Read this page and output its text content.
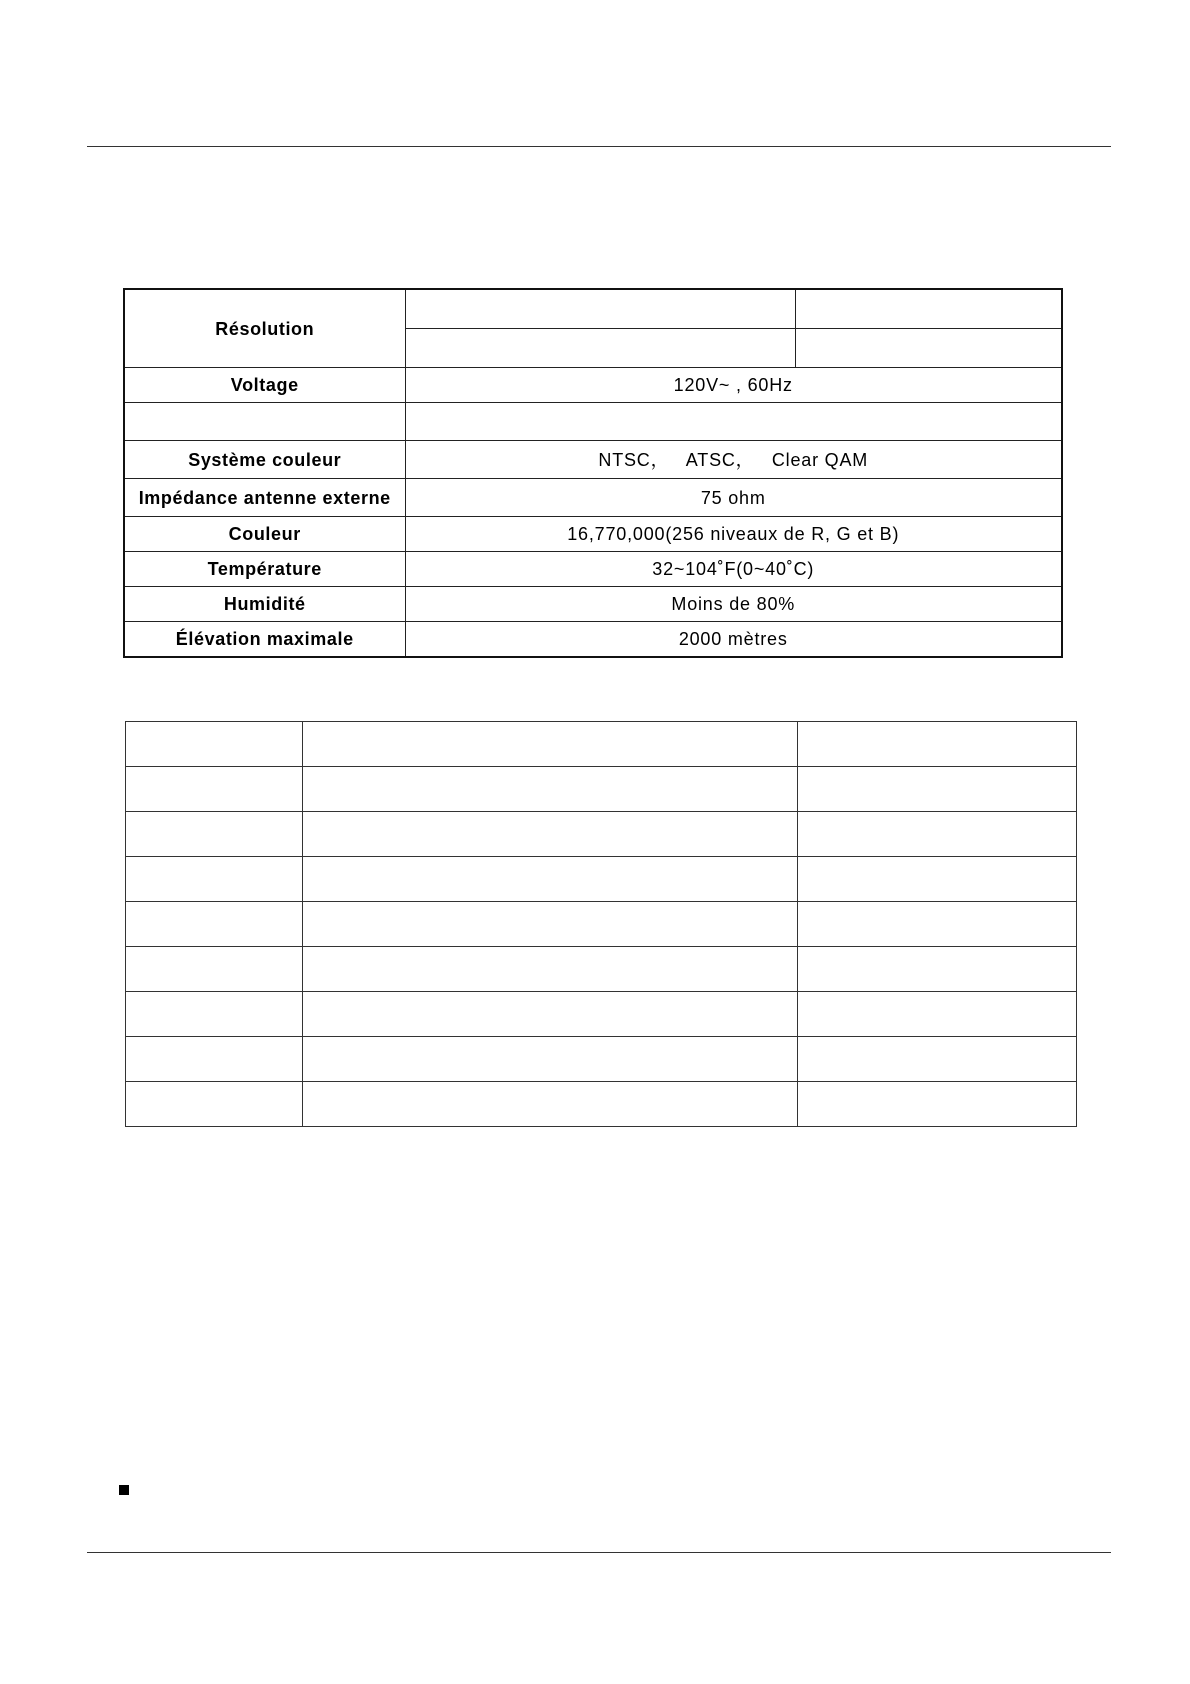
Résolution		

Voltage	120V~ , 60Hz	

Système couleur	NTSC，   ATSC，   Clear QAM	
Impédance antenne externe	75 ohm	
Couleur	16,770,000(256 niveaux de R, G et B)	
Température	32~104˚F(0~40˚C)	
Humidité	Moins de 80%	
Élévation maximale	2000 mètres	
